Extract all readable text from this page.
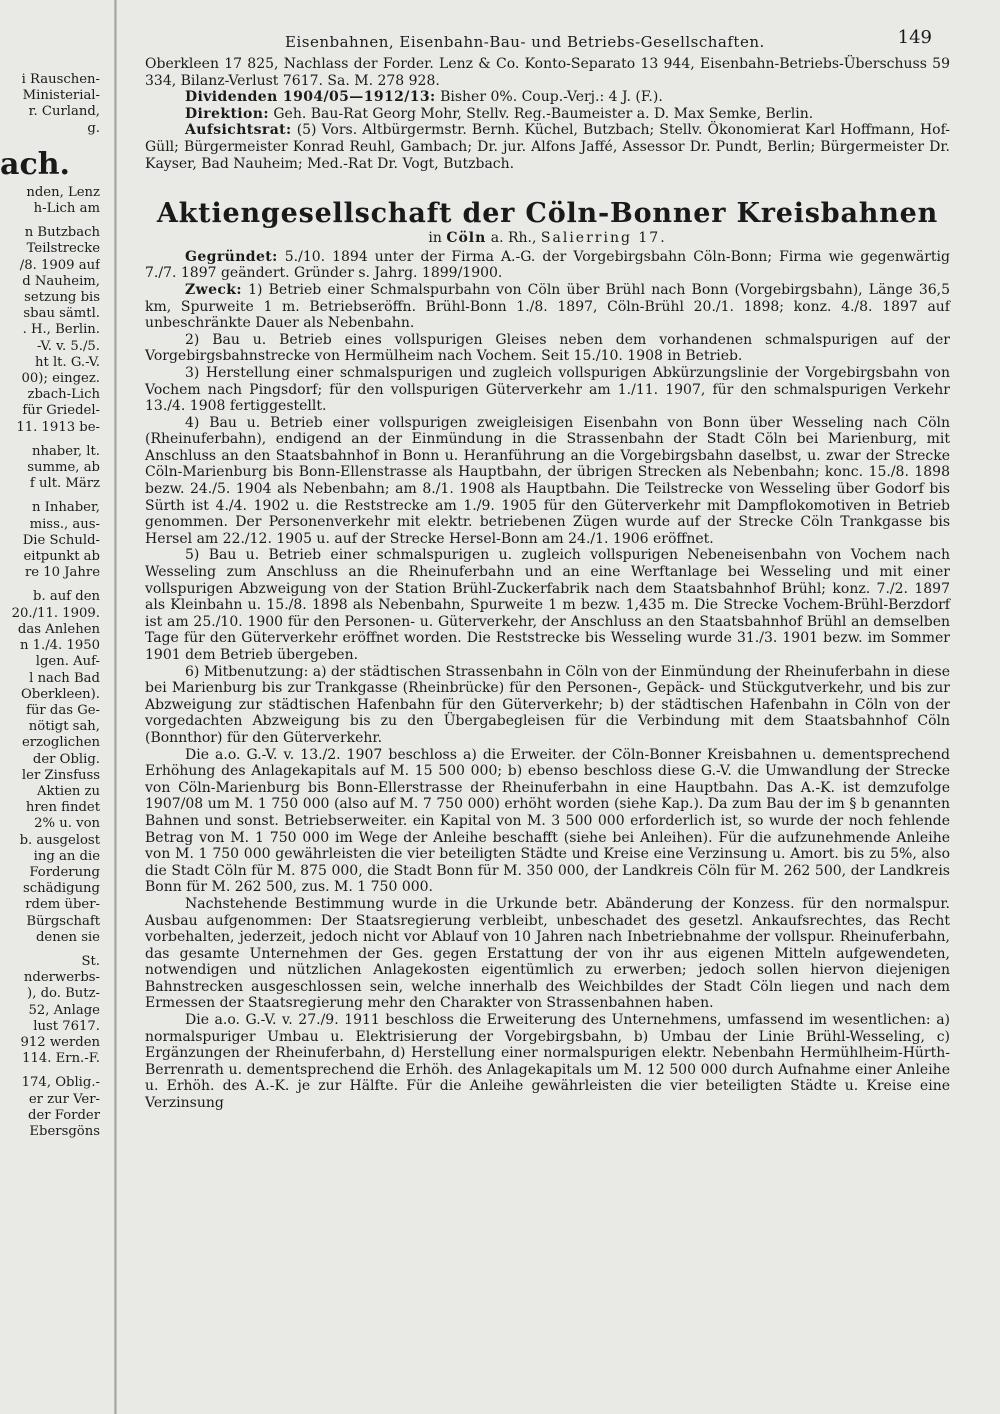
i Rauschen-
Ministerial-
r. Curland,
g.
ach.
nden, Lenz
h-Lich am
n Butzbach
Teilstrecke
/8. 1909 auf
d Nauheim,
setzung bis
sbau sämtl.
. H., Berlin.
-V. v. 5./5.
ht lt. G.-V.
00); eingez.
zbach-Lich
für Griedel-
11. 1913 be-
nhaber, lt.
summe, ab
f ult. März
n Inhaber,
miss., aus-
Die Schuld-
eitpunkt ab
re 10 Jahre
b. auf den
20./11. 1909.
das Anlehen
n 1./4. 1950
lgen. Auf-
l nach Bad
Oberkleen).
für das Ge-
nötigt sah,
erzoglichen
der Oblig.
ler Zinsfuss
Aktien zu
hren findet
2% u. von
b. ausgelost
ing an die
Forderung
schädigung
rdem über-
Bürgschaft
denen sie
St.
nderwerbs-
), do. Butz-
52, Anlage
lust 7617.
912 werden
114. Ern.-F.
174, Oblig.-
er zur Ver-
der Forder
Ebersgöns
Eisenbahnen, Eisenbahn-Bau- und Betriebs-Gesellschaften.	149

Oberkleen 17 825, Nachlass der Forder. Lenz & Co. Konto-Separato 13 944, Eisenbahn-Betriebs-Überschuss 59 334, Bilanz-Verlust 7617. Sa. M. 278 928.

Dividenden 1904/05—1912/13: Bisher 0%. Coup.-Verj.: 4 J. (F.).

Direktion: Geh. Bau-Rat Georg Mohr, Stellv. Reg.-Baumeister a. D. Max Semke, Berlin.

Aufsichtsrat: (5) Vors. Altbürgermstr. Bernh. Küchel, Butzbach; Stellv. Ökonomierat Karl Hoffmann, Hof-Güll; Bürgermeister Konrad Reuhl, Gambach; Dr. jur. Alfons Jaffé, Assessor Dr. Pundt, Berlin; Bürgermeister Dr. Kayser, Bad Nauheim; Med.-Rat Dr. Vogt, Butzbach.

Aktiengesellschaft der Cöln-Bonner Kreisbahnen
in Cöln a. Rh., Salierring 17.

Gegründet: 5./10. 1894 unter der Firma A.-G. der Vorgebirgsbahn Cöln-Bonn; Firma wie gegenwärtig 7./7. 1897 geändert. Gründer s. Jahrg. 1899/1900.

Zweck: 1) Betrieb einer Schmalspurbahn von Cöln über Brühl nach Bonn (Vorgebirgsbahn), Länge 36,5 km, Spurweite 1 m. Betriebseröffn. Brühl-Bonn 1./8. 1897, Cöln-Brühl 20./1. 1898; konz. 4./8. 1897 auf unbeschränkte Dauer als Nebenbahn.

2) Bau u. Betrieb eines vollspurigen Gleises neben dem vorhandenen schmalspurigen auf der Vorgebirgsbahnstrecke von Hermülheim nach Vochem. Seit 15./10. 1908 in Betrieb.

3) Herstellung einer schmalspurigen und zugleich vollspurigen Abkürzungslinie der Vorgebirgsbahn von Vochem nach Pingsdorf; für den vollspurigen Güterverkehr am 1./11. 1907, für den schmalspurigen Verkehr 13./4. 1908 fertiggestellt.

4) Bau u. Betrieb einer vollspurigen zweigleisigen Eisenbahn von Bonn über Wesseling nach Cöln (Rheinuferbahn), endigend an der Einmündung in die Strassenbahn der Stadt Cöln bei Marienburg, mit Anschluss an den Staatsbahnhof in Bonn u. Heranführung an die Vorgebirgsbahn daselbst, u. zwar der Strecke Cöln-Marienburg bis Bonn-Ellenstrasse als Hauptbahn, der übrigen Strecken als Nebenbahn; konc. 15./8. 1898 bezw. 24./5. 1904 als Nebenbahn; am 8./1. 1908 als Hauptbahn. Die Teilstrecke von Wesseling über Godorf bis Sürth ist 4./4. 1902 u. die Reststrecke am 1./9. 1905 für den Güterverkehr mit Dampflokomotiven in Betrieb genommen. Der Personenverkehr mit elektr. betriebenen Zügen wurde auf der Strecke Cöln Trankgasse bis Hersel am 22./12. 1905 u. auf der Strecke Hersel-Bonn am 24./1. 1906 eröffnet.

5) Bau u. Betrieb einer schmalspurigen u. zugleich vollspurigen Nebeneisenbahn von Vochem nach Wesseling zum Anschluss an die Rheinuferbahn und an eine Werftanlage bei Wesseling und mit einer vollspurigen Abzweigung von der Station Brühl-Zuckerfabrik nach dem Staatsbahnhof Brühl; konz. 7./2. 1897 als Kleinbahn u. 15./8. 1898 als Nebenbahn, Spurweite 1 m bezw. 1,435 m. Die Strecke Vochem-Brühl-Berzdorf ist am 25./10. 1900 für den Personen- u. Güterverkehr, der Anschluss an den Staatsbahnhof Brühl an demselben Tage für den Güterverkehr eröffnet worden. Die Reststrecke bis Wesseling wurde 31./3. 1901 bezw. im Sommer 1901 dem Betrieb übergeben.

6) Mitbenutzung: a) der städtischen Strassenbahn in Cöln von der Einmündung der Rheinuferbahn in diese bei Marienburg bis zur Trankgasse (Rheinbrücke) für den Personen-, Gepäck- und Stückgutverkehr, und bis zur Abzweigung zur städtischen Hafenbahn für den Güterverkehr; b) der städtischen Hafenbahn in Cöln von der vorgedachten Abzweigung bis zu den Übergabegleisen für die Verbindung mit dem Staatsbahnhof Cöln (Bonnthor) für den Güterverkehr.

Die a.o. G.-V. v. 13./2. 1907 beschloss a) die Erweiter. der Cöln-Bonner Kreisbahnen u. dementsprechend Erhöhung des Anlagekapitals auf M. 15 500 000; b) ebenso beschloss diese G.-V. die Umwandlung der Strecke von Cöln-Marienburg bis Bonn-Ellerstrasse der Rheinuferbahn in eine Hauptbahn. Das A.-K. ist demzufolge 1907/08 um M. 1 750 000 (also auf M. 7 750 000) erhöht worden (siehe Kap.). Da zum Bau der im § b genannten Bahnen und sonst. Betriebserweiter. ein Kapital von M. 3 500 000 erforderlich ist, so wurde der noch fehlende Betrag von M. 1 750 000 im Wege der Anleihe beschafft (siehe bei Anleihen). Für die aufzunehmende Anleihe von M. 1 750 000 gewährleisten die vier beteiligten Städte und Kreise eine Verzinsung u. Amort. bis zu 5%, also die Stadt Cöln für M. 875 000, die Stadt Bonn für M. 350 000, der Landkreis Cöln für M. 262 500, der Landkreis Bonn für M. 262 500, zus. M. 1 750 000.

Nachstehende Bestimmung wurde in die Urkunde betr. Abänderung der Konzess. für den normalspur. Ausbau aufgenommen: Der Staatsregierung verbleibt, unbeschadet des gesetzl. Ankaufsrechtes, das Recht vorbehalten, jederzeit, jedoch nicht vor Ablauf von 10 Jahren nach Inbetriebnahme der vollspur. Rheinuferbahn, das gesamte Unternehmen der Ges. gegen Erstattung der von ihr aus eigenen Mitteln aufgewendeten, notwendigen und nützlichen Anlagekosten eigentümlich zu erwerben; jedoch sollen hiervon diejenigen Bahnstrecken ausgeschlossen sein, welche innerhalb des Weichbildes der Stadt Cöln liegen und nach dem Ermessen der Staatsregierung mehr den Charakter von Strassenbahnen haben.

Die a.o. G.-V. v. 27./9. 1911 beschloss die Erweiterung des Unternehmens, umfassend im wesentlichen: a) normalspuriger Umbau u. Elektrisierung der Vorgebirgsbahn, b) Umbau der Linie Brühl-Wesseling, c) Ergänzungen der Rheinuferbahn, d) Herstellung einer normalspurigen elektr. Nebenbahn Hermühlheim-Hürth-Berrenrath u. dementsprechend die Erhöh. des Anlagekapitals um M. 12 500 000 durch Aufnahme einer Anleihe u. Erhöh. des A.-K. je zur Hälfte. Für die Anleihe gewährleisten die vier beteiligten Städte u. Kreise eine Verzinsung
